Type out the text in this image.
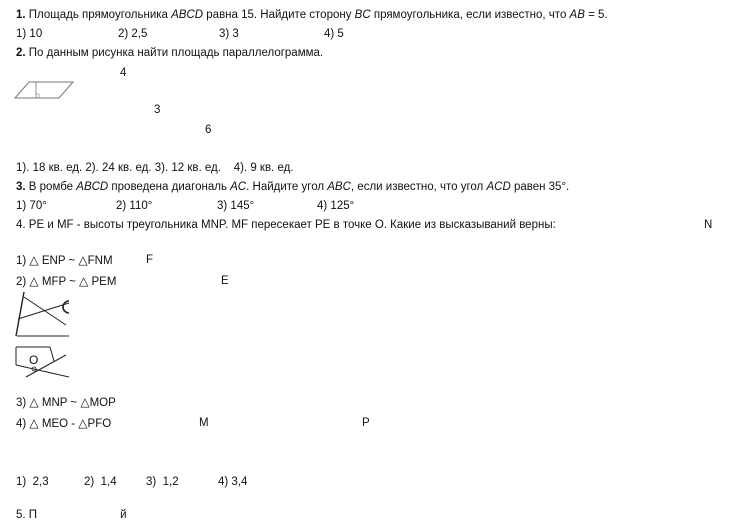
1. Площадь прямоугольника ABCD равна 15. Найдите сторону BC прямоугольника, если известно, что AB = 5.
1) 10	2) 2,5	3) 3	4) 5
2. По данным рисунка найти площадь параллелограмма.
4
3
6
1). 18 кв. ед. 2). 24 кв. ед. 3). 12 кв. ед.    4). 9 кв. ед.
3. В ромбе ABCD проведена диагональ AC. Найдите угол ABC, если известно, что угол ACD равен 35°.
1) 70°	2) 110°	3) 145°	4) 125°
4. PE и MF - высоты треугольника MNP. MF пересекает PE в точке O. Какие из высказываний верны:	N
1) △ ENP ~ △FNM	F
2) △ MFP ~ △ PEM	E
O
3) △ MNP ~ △MOP
4) △ MEO - △PFO	M	P
1)  2,3	2)  1,4	3)  1,2	4) 3,4
5. П                          й
